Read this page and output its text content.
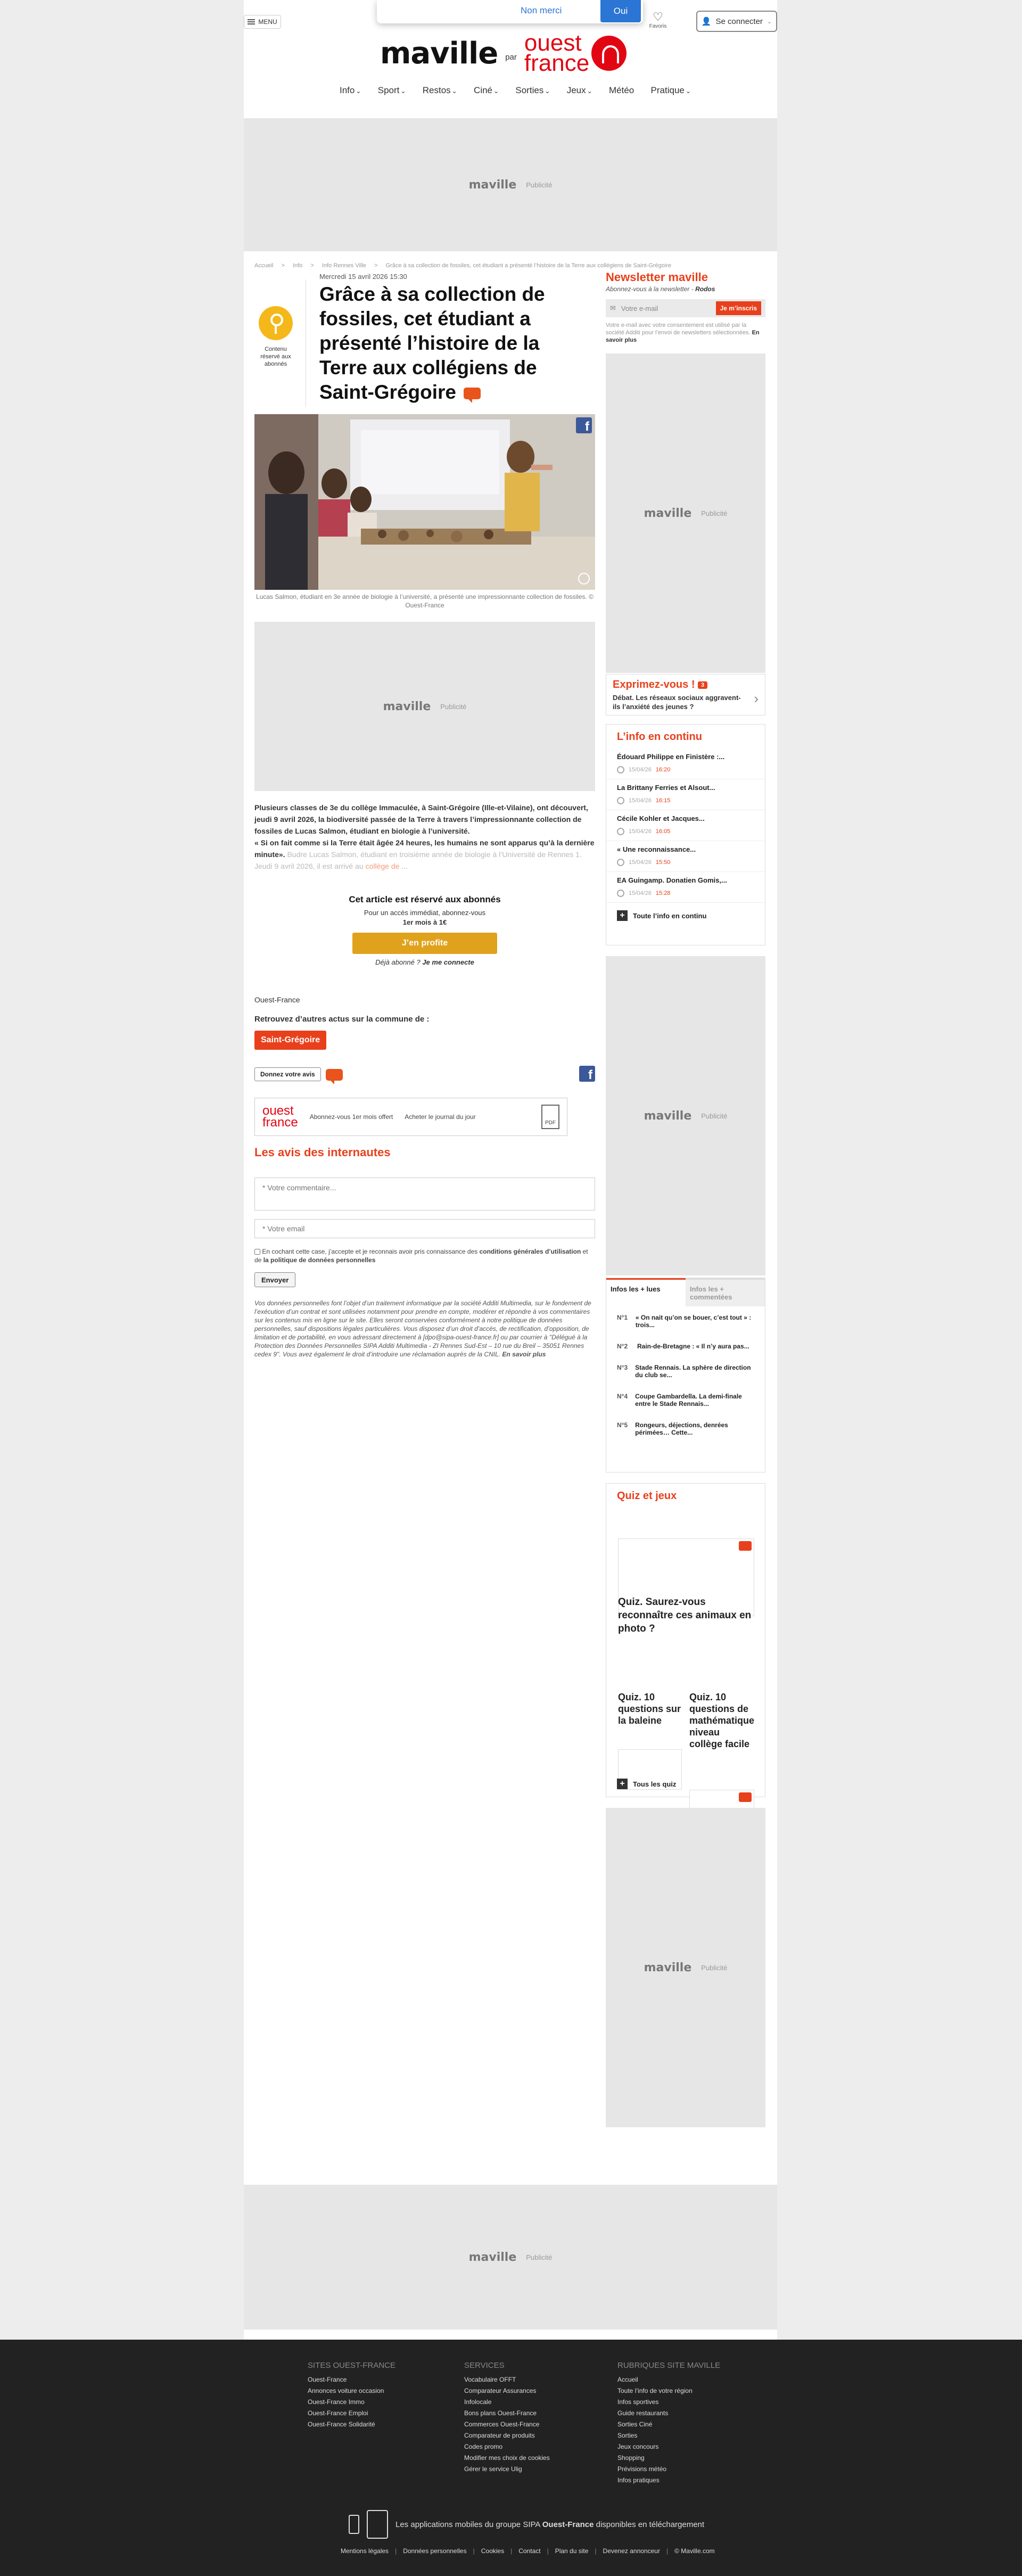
MENU
Non merci	Oui	♡
Favoris
👤 Se connecter ⌄
maville par
ouest
france
Info ⌄ Sport ⌄ Restos ⌄ Ciné ⌄ Sorties ⌄ Jeux ⌄ Météo Pratique ⌄
maville Publicité
Accueil > Info > Info Rennes Ville > Grâce à sa collection de fossiles, cet étudiant a présenté l’histoire de la Terre aux collégiens de Saint-Grégoire
Contenu réservé aux abonnés
Mercredi 15 avril 2026 15:30
Grâce à sa collection de fossiles, cet étudiant a présenté l’histoire de la Terre aux collégiens de Saint-Grégoire
f
Lucas Salmon, étudiant en 3e année de biologie à l’université, a présenté une impressionnante collection de fossiles. © Ouest-France
maville Publicité
Plusieurs classes de 3e du collège Immaculée, à Saint-Grégoire (Ille-et-Vilaine), ont découvert, jeudi 9 avril 2026, la biodiversité passée de la Terre à travers l’impressionnante collection de fossiles de Lucas Salmon, étudiant en biologie à l’université.
« Si on fait comme si la Terre était âgée 24 heures, les humains ne sont apparus qu’à la dernière minute». Budre Lucas Salmon, étudiant en troisième année de biologie à l’Université de Rennes 1. Jeudi 9 avril 2026, il est arrivé au collège de ...
Cet article est réservé aux abonnés
Pour un accès immédiat, abonnez-vous
1er mois à 1€
J’en profite
Déjà abonné ? Je me connecte
Ouest-France
Retrouvez d’autres actus sur la commune de :
Saint-Grégoire
Donnez votre avis
	f
ouest
france Abonnez-vous 1er mois offert Acheter le journal du jour
PDF
Les avis des internautes
* Votre commentaire...
* Votre email
En cochant cette case, j’accepte et je reconnais avoir pris connaissance des conditions générales d’utilisation et de la politique de données personnelles
Envoyer
Vos données personnelles font l’objet d’un traitement informatique par la société Additi Multimedia, sur le fondement de l’exécution d’un contrat et sont utilisées notamment pour prendre en compte, modérer et répondre à vos commentaires sur les contenus mis en ligne sur le site. Elles seront conservées conformément à notre politique de données personnelles, sauf dispositions légales particulières. Vous disposez d’un droit d’accès, de rectification, d’opposition, de limitation et de portabilité, en vous adressant directement à [dpo@sipa-ouest-france.fr] ou par courrier à "Délégué à la Protection des Données Personnelles SIPA Additi Multimedia - ZI Rennes Sud-Est – 10 rue du Breil – 35051 Rennes cedex 9". Vous avez également le droit d’introduire une réclamation auprès de la CNIL. En savoir plus
Newsletter maville
Abonnez-vous à la newsletter - Rodos
✉ Votre e-mail	Je m’inscris
Votre e-mail avec votre consentement est utilisé par la société Additi pour l’envoi de newsletters sélectionnées. En savoir plus
maville Publicité
Exprimez-vous ! 3
Débat. Les réseaux sociaux aggravent-ils l’anxiété des jeunes ?
›
L’info en continu
Édouard Philippe en Finistère :...
15/04/26 16:20
La Brittany Ferries et Alsout...
15/04/26 16:15
Cécile Kohler et Jacques...
15/04/26 16:05
« Une reconnaissance...
15/04/26 15:50
EA Guingamp. Donatien Gomis,...
15/04/26 15:28
+	Toute l’info en continu
maville Publicité
Infos les + lues	Infos les + commentées
N°1 « On nait qu’on se bouer, c’est tout » : trois...
N°2	Rain-de-Bretagne : « Il n’y aura pas...
N°3 Stade Rennais. La sphère de direction du club se...
N°4 Coupe Gambardella. La demi-finale entre le Stade Rennais...
N°5 Rongeurs, déjections, denrées périmées… Cette...
Quiz et jeux
Quiz. Saurez-vous reconnaître ces animaux en photo ?
Quiz. 10 questions sur la baleine
Quiz. 10 questions de mathématique niveau collège facile
+	Tous les quiz
maville Publicité
maville Publicité
SITES OUEST-FRANCE
Ouest-France
Annonces voiture occasion
Ouest-France Immo
Ouest-France Emploi
Ouest-France Solidarité
SERVICES
Vocabulaire OFFT
Comparateur Assurances
Infolocale
Bons plans Ouest-France
Commerces Ouest-France
Comparateur de produits
Codes promo
Modifier mes choix de cookies
Gérer le service Ulig
RUBRIQUES SITE MAVILLE
Accueil
Toute l’info de votre région
Infos sportives
Guide restaurants
Sorties Ciné
Sorties
Jeux concours
Shopping
Prévisions météo
Infos pratiques
Les applications mobiles du groupe SIPA Ouest-France disponibles en téléchargement
Mentions légales | Données personnelles | Cookies | Contact | Plan du site | Devenez annonceur | © Maville.com
